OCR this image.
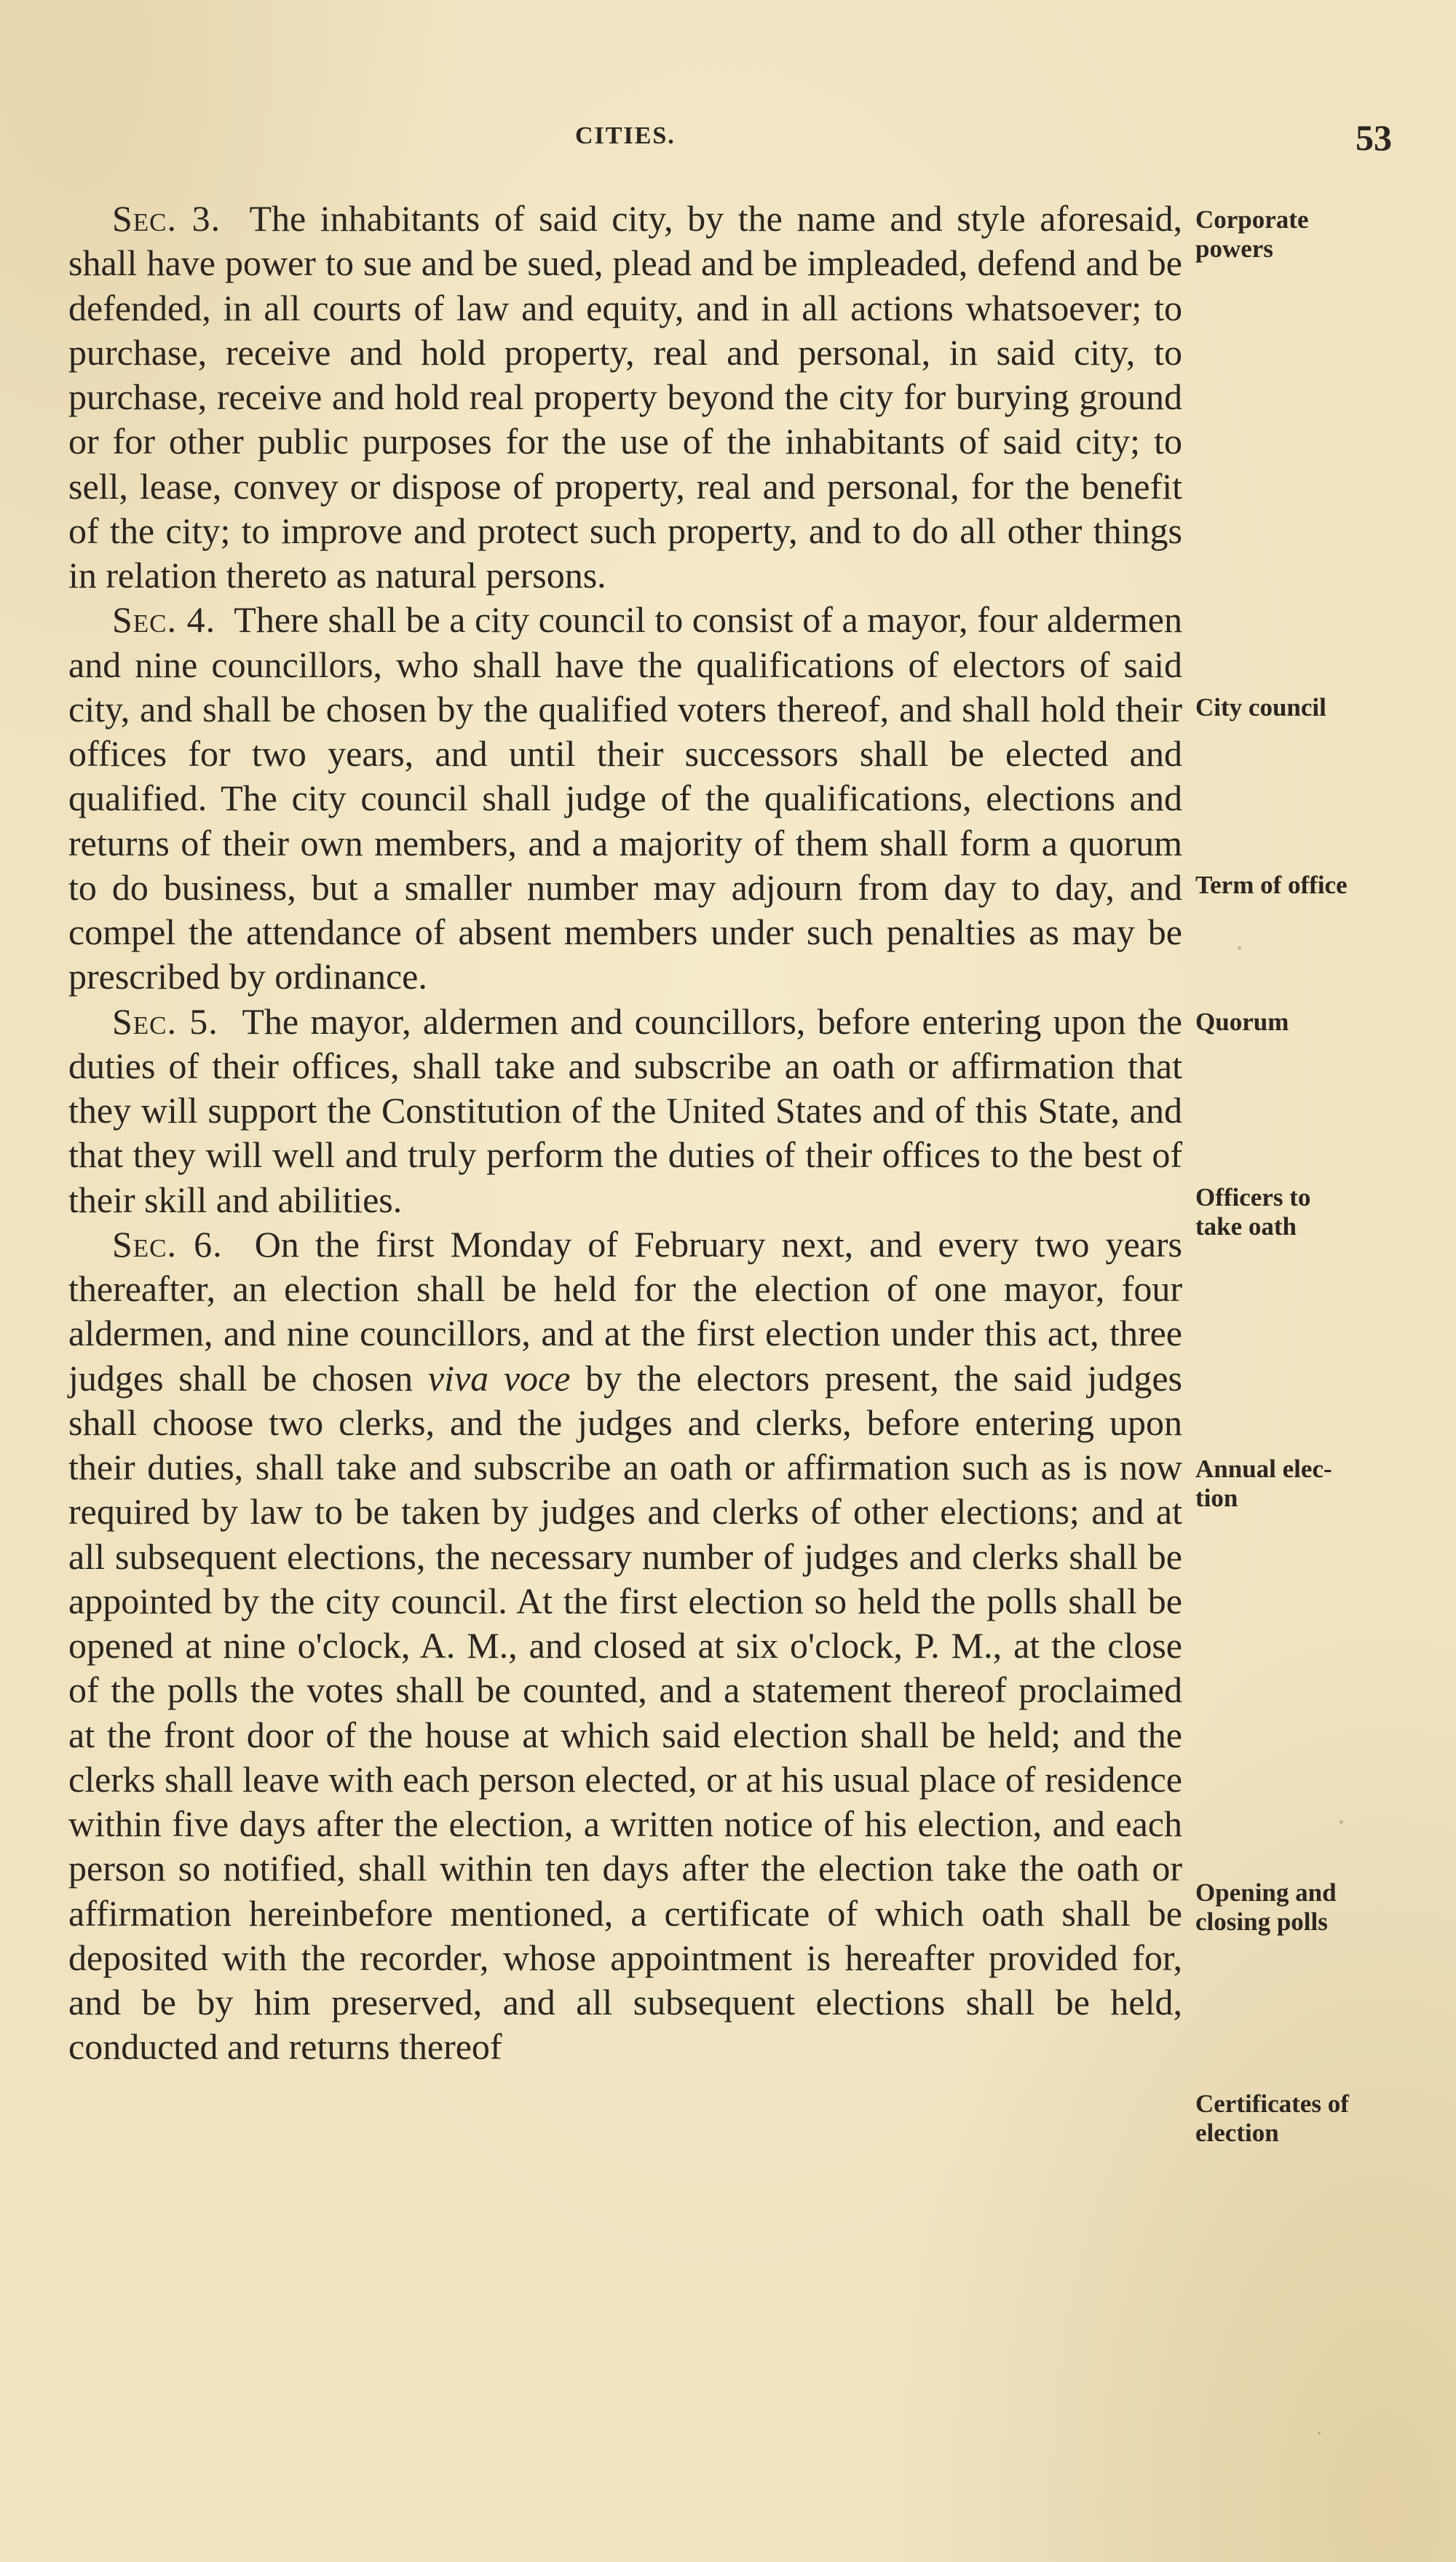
CITIES.	53

Sec. 3. The inhabitants of said city, by the name and style aforesaid, shall have power to sue and be sued, plead and be impleaded, defend and be defended, in all courts of law and equity, and in all actions whatsoever; to purchase, receive and hold property, real and personal, in said city, to purchase, receive and hold real property beyond the city for burying ground or for other public purposes for the use of the inhabitants of said city; to sell, lease, convey or dispose of property, real and personal, for the benefit of the city; to improve and protect such property, and to do all other things in relation thereto as natural persons.

Sec. 4. There shall be a city council to consist of a mayor, four aldermen and nine councillors, who shall have the qualifications of electors of said city, and shall be chosen by the qualified voters thereof, and shall hold their offices for two years, and until their successors shall be elected and qualified. The city council shall judge of the qualifications, elections and returns of their own members, and a majority of them shall form a quorum to do business, but a smaller number may adjourn from day to day, and compel the attendance of absent members under such penalties as may be prescribed by ordinance.

Sec. 5. The mayor, aldermen and councillors, before entering upon the duties of their offices, shall take and subscribe an oath or affirmation that they will support the Constitution of the United States and of this State, and that they will well and truly perform the duties of their offices to the best of their skill and abilities.

Sec. 6. On the first Monday of February next, and every two years thereafter, an election shall be held for the election of one mayor, four aldermen, and nine councillors, and at the first election under this act, three judges shall be chosen viva voce by the electors present, the said judges shall choose two clerks, and the judges and clerks, before entering upon their duties, shall take and subscribe an oath or affirmation such as is now required by law to be taken by judges and clerks of other elections; and at all subsequent elections, the necessary number of judges and clerks shall be appointed by the city council. At the first election so held the polls shall be opened at nine o'clock, A. M., and closed at six o'clock, P. M., at the close of the polls the votes shall be counted, and a statement thereof proclaimed at the front door of the house at which said election shall be held; and the clerks shall leave with each person elected, or at his usual place of residence within five days after the election, a written notice of his election, and each person so notified, shall within ten days after the election take the oath or affirmation hereinbefore mentioned, a certificate of which oath shall be deposited with the recorder, whose appointment is hereafter provided for, and be by him preserved, and all subsequent elections shall be held, conducted and returns thereof

Corporate
powers
City council
Term of office
Quorum
Officers to
take oath
Annual elec-
tion
Opening and
closing polls
Certificates of
election
